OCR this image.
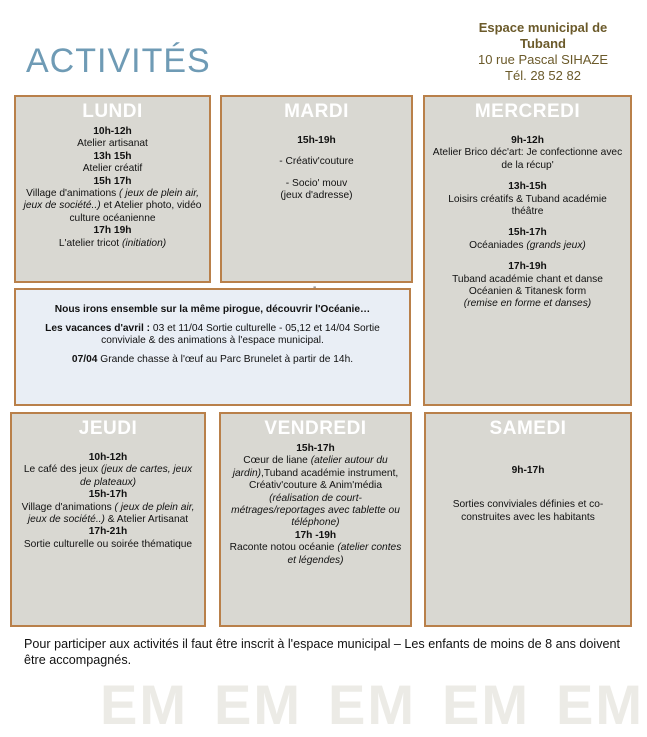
ACTIVITÉS
Espace municipal de Tuband
10 rue Pascal SIHAZE
Tél. 28 52 82
LUNDI
10h-12h
Atelier artisanat
13h 15h
Atelier créatif
15h 17h
Village d'animations ( jeux de plein air, jeux de société..) et Atelier photo, vidéo culture océanienne
17h 19h
L'atelier tricot (initiation)
MARDI
15h-19h
- Créativ'couture
- Socio' mouv
(jeux d'adresse)
MERCREDI
9h-12h
Atelier Brico déc'art: Je confectionne avec de la récup'
13h-15h
Loisirs créatifs & Tuband académie théâtre
15h-17h
Océaniades (grands jeux)
17h-19h
Tuband académie chant et danse Océanien & Titanesk form
(remise en forme et danses)

Nous irons ensemble sur la même pirogue, découvrir l'Océanie…

Les vacances d'avril : 03 et 11/04 Sortie culturelle - 05,12 et 14/04 Sortie conviviale & des animations à l'espace municipal.

07/04 Grande chasse à l'œuf au Parc Brunelet à partir de 14h.

JEUDI
10h-12h
Le café des jeux (jeux de cartes, jeux de plateaux)
15h-17h
Village d'animations ( jeux de plein air, jeux de société..) & Atelier Artisanat
17h-21h
Sortie culturelle ou soirée thématique
VENDREDI
15h-17h
Cœur de liane (atelier autour du jardin),Tuband académie instrument, Créativ'couture & Anim'média (réalisation de court-métrages/reportages avec tablette ou téléphone)
17h -19h
Raconte notou océanie (atelier contes et légendes)
SAMEDI
9h-17h
Sorties conviviales définies et co-construites avec les habitants
Pour participer aux activités il faut être inscrit à l'espace municipal – Les enfants de moins de 8 ans doivent être accompagnés.
EM EM EM EM EM
